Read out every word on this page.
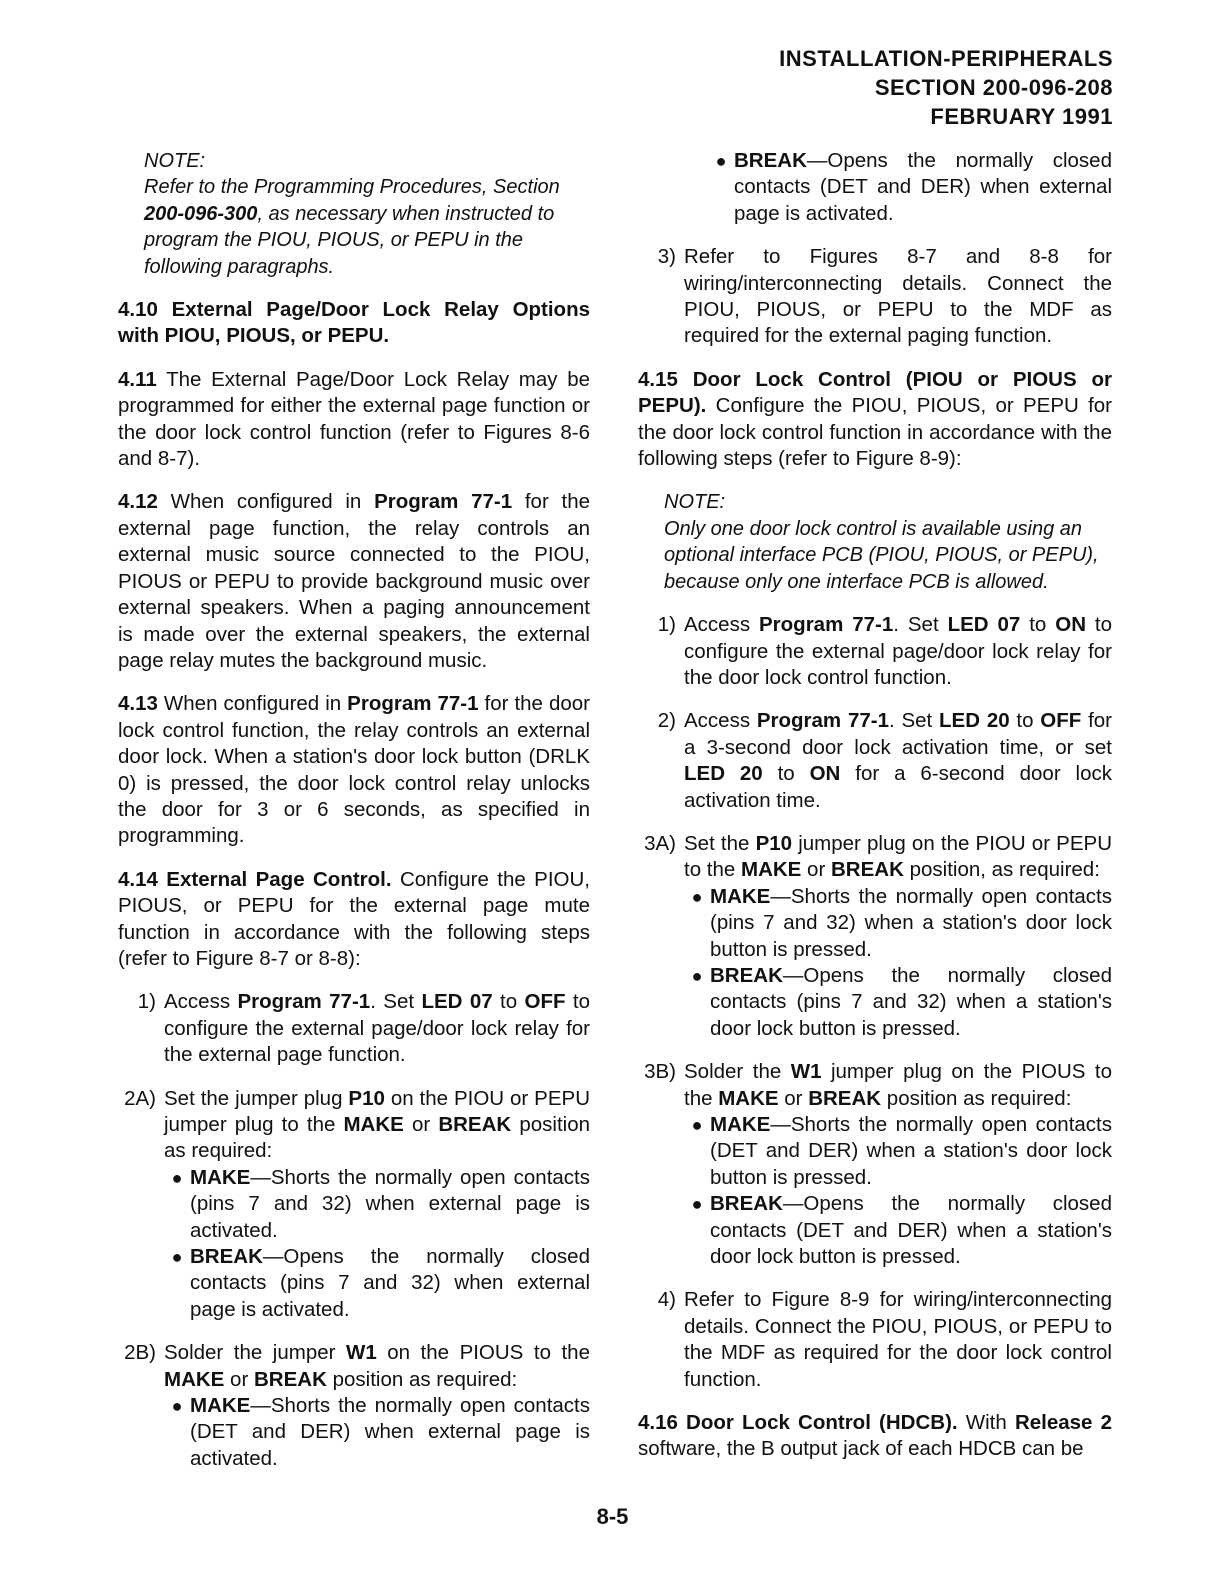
INSTALLATION-PERIPHERALS
SECTION 200-096-208
FEBRUARY 1991

NOTE:

Refer to the Programming Procedures, Section 200-096-300, as necessary when instructed to program the PIOU, PIOUS, or PEPU in the following paragraphs.

4.10 External Page/Door Lock Relay Options with PIOU, PIOUS, or PEPU.

4.11 The External Page/Door Lock Relay may be programmed for either the external page function or the door lock control function (refer to Figures 8-6 and 8-7).

4.12 When configured in Program 77-1 for the external page function, the relay controls an external music source connected to the PIOU, PIOUS or PEPU to provide background music over external speakers. When a paging announcement is made over the external speakers, the external page relay mutes the background music.

4.13 When configured in Program 77-1 for the door lock control function, the relay controls an external door lock. When a station's door lock button (DRLK 0) is pressed, the door lock control relay unlocks the door for 3 or 6 seconds, as specified in programming.

4.14 External Page Control. Configure the PIOU, PIOUS, or PEPU for the external page mute function in accordance with the following steps (refer to Figure 8-7 or 8-8):

1) Access Program 77-1. Set LED 07 to OFF to configure the external page/door lock relay for the external page function.
2A) Set the jumper plug P10 on the PIOU or PEPU jumper plug to the MAKE or BREAK position as required:

● MAKE—Shorts the normally open contacts (pins 7 and 32) when external page is activated.
● BREAK—Opens the normally closed contacts (pins 7 and 32) when external page is activated.
2B) Solder the jumper W1 on the PIOUS to the MAKE or BREAK position as required:

● MAKE—Shorts the normally open contacts (DET and DER) when external page is activated.
● BREAK—Opens the normally closed contacts (DET and DER) when external page is activated.
3) Refer to Figures 8-7 and 8-8 for wiring/interconnecting details. Connect the PIOU, PIOUS, or PEPU to the MDF as required for the external paging function.

4.15 Door Lock Control (PIOU or PIOUS or PEPU). Configure the PIOU, PIOUS, or PEPU for the door lock control function in accordance with the following steps (refer to Figure 8-9):

NOTE:

Only one door lock control is available using an optional interface PCB (PIOU, PIOUS, or PEPU), because only one interface PCB is allowed.

1) Access Program 77-1. Set LED 07 to ON to configure the external page/door lock relay for the door lock control function.
2) Access Program 77-1. Set LED 20 to OFF for a 3-second door lock activation time, or set LED 20 to ON for a 6-second door lock activation time.
3A) Set the P10 jumper plug on the PIOU or PEPU to the MAKE or BREAK position, as required:

● MAKE—Shorts the normally open contacts (pins 7 and 32) when a station's door lock button is pressed.
● BREAK—Opens the normally closed contacts (pins 7 and 32) when a station's door lock button is pressed.
3B) Solder the W1 jumper plug on the PIOUS to the MAKE or BREAK position as required:

● MAKE—Shorts the normally open contacts (DET and DER) when a station's door lock button is pressed.
● BREAK—Opens the normally closed contacts (DET and DER) when a station's door lock button is pressed.
4) Refer to Figure 8-9 for wiring/interconnecting details. Connect the PIOU, PIOUS, or PEPU to the MDF as required for the door lock control function.

4.16 Door Lock Control (HDCB). With Release 2 software, the B output jack of each HDCB can be

8-5
